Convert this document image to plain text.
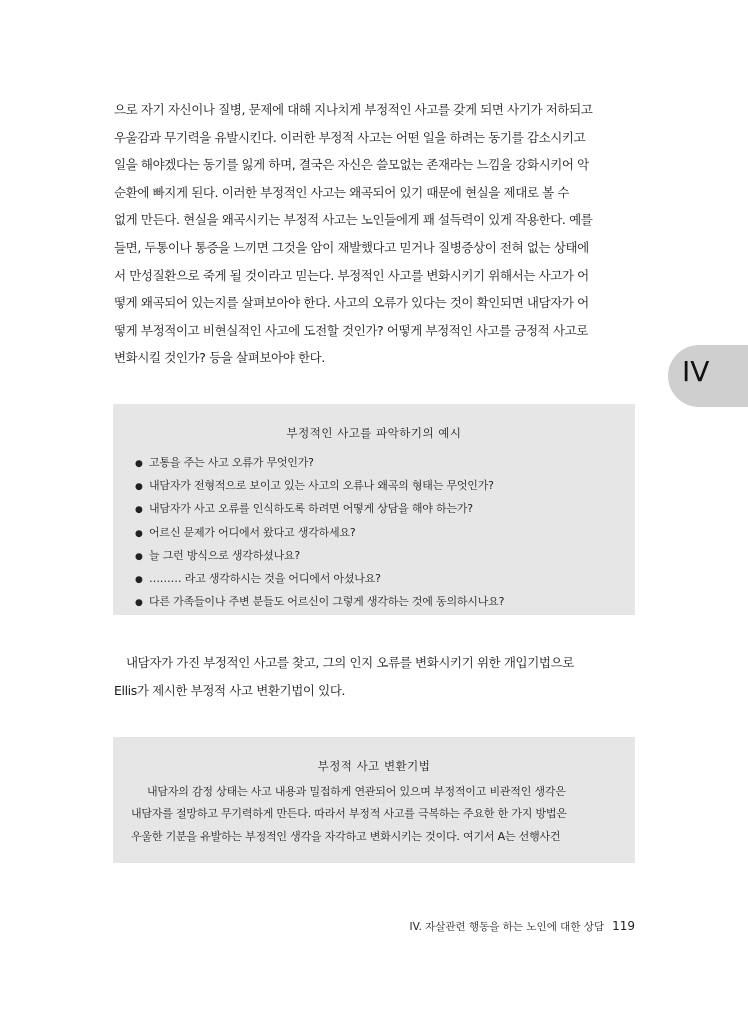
으로 자기 자신이나 질병, 문제에 대해 지나치게 부정적인 사고를 갖게 되면 사기가 저하되고
우울감과 무기력을 유발시킨다. 이러한 부정적 사고는 어떤 일을 하려는 동기를 감소시키고
일을 해야겠다는 동기를 잃게 하며, 결국은 자신은 쓸모없는 존재라는 느낌을 강화시키어 악
순환에 빠지게 된다. 이러한 부정적인 사고는 왜곡되어 있기 때문에 현실을 제대로 볼 수
없게 만든다. 현실을 왜곡시키는 부정적 사고는 노인들에게 꽤 설득력이 있게 작용한다. 예를
들면, 두통이나 통증을 느끼면 그것을 암이 재발했다고 믿거나 질병증상이 전혀 없는 상태에
서 만성질환으로 죽게 될 것이라고 믿는다. 부정적인 사고를 변화시키기 위해서는 사고가 어
떻게 왜곡되어 있는지를 살펴보아야 한다. 사고의 오류가 있다는 것이 확인되면 내담자가 어
떻게 부정적이고 비현실적인 사고에 도전할 것인가? 어떻게 부정적인 사고를 긍정적 사고로
변화시킬 것인가? 등을 살펴보아야 한다.	IV
부정적인 사고를 파악하기의 예시
● 고통을 주는 사고 오류가 무엇인가?
● 내담자가 전형적으로 보이고 있는 사고의 오류나 왜곡의 형태는 무엇인가?
● 내담자가 사고 오류를 인식하도록 하려면 어떻게 상담을 해야 하는가?
● 어르신 문제가 어디에서 왔다고 생각하세요?
● 늘 그런 방식으로 생각하셨나요?
● ……… 라고 생각하시는 것을 어디에서 아셨나요?
● 다른 가족들이나 주변 분들도 어르신이 그렇게 생각하는 것에 동의하시나요?
내담자가 가진 부정적인 사고를 찾고, 그의 인지 오류를 변화시키기 위한 개입기법으로
Ellis가 제시한 부정적 사고 변환기법이 있다.
부정적 사고 변환기법
내담자의 감정 상태는 사고 내용과 밀접하게 연관되어 있으며 부정적이고 비관적인 생각은
내담자를 절망하고 무기력하게 만든다. 따라서 부정적 사고를 극복하는 주요한 한 가지 방법은
우울한 기분을 유발하는 부정적인 생각을 자각하고 변화시키는 것이다. 여기서 A는 선행사건
IV. 자살관련 행동을 하는 노인에 대한 상담 119
